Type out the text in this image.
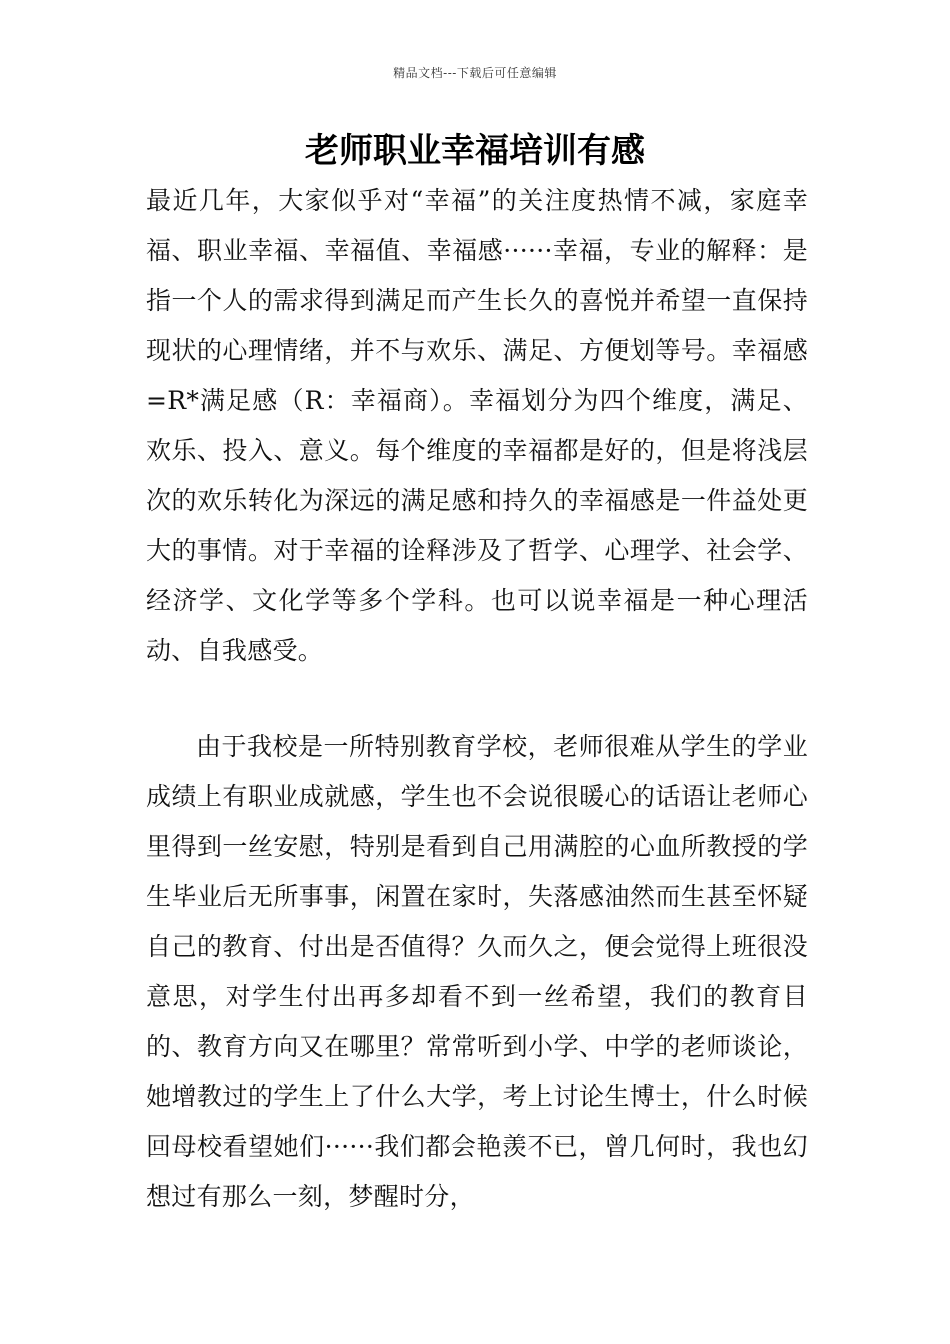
精品文档---下载后可任意编辑
老师职业幸福培训有感

最近几年，大家似乎对“幸福”的关注度热情不减，家庭幸福、职业幸福、幸福值、幸福感······幸福，专业的解释：是指一个人的需求得到满足而产生长久的喜悦并希望一直保持现状的心理情绪，并不与欢乐、满足、方便划等号。幸福感=R*满足感（R：幸福商）。幸福划分为四个维度，满足、欢乐、投入、意义。每个维度的幸福都是好的，但是将浅层次的欢乐转化为深远的满足感和持久的幸福感是一件益处更大的事情。对于幸福的诠释涉及了哲学、心理学、社会学、经济学、文化学等多个学科。也可以说幸福是一种心理活动、自我感受。

由于我校是一所特别教育学校，老师很难从学生的学业成绩上有职业成就感，学生也不会说很暖心的话语让老师心里得到一丝安慰，特别是看到自己用满腔的心血所教授的学生毕业后无所事事，闲置在家时，失落感油然而生甚至怀疑自己的教育、付出是否值得？久而久之，便会觉得上班很没意思，对学生付出再多却看不到一丝希望，我们的教育目的、教育方向又在哪里？常常听到小学、中学的老师谈论，她增教过的学生上了什么大学，考上讨论生博士，什么时候回母校看望她们······我们都会艳羡不已，曾几何时，我也幻想过有那么一刻，梦醒时分，
